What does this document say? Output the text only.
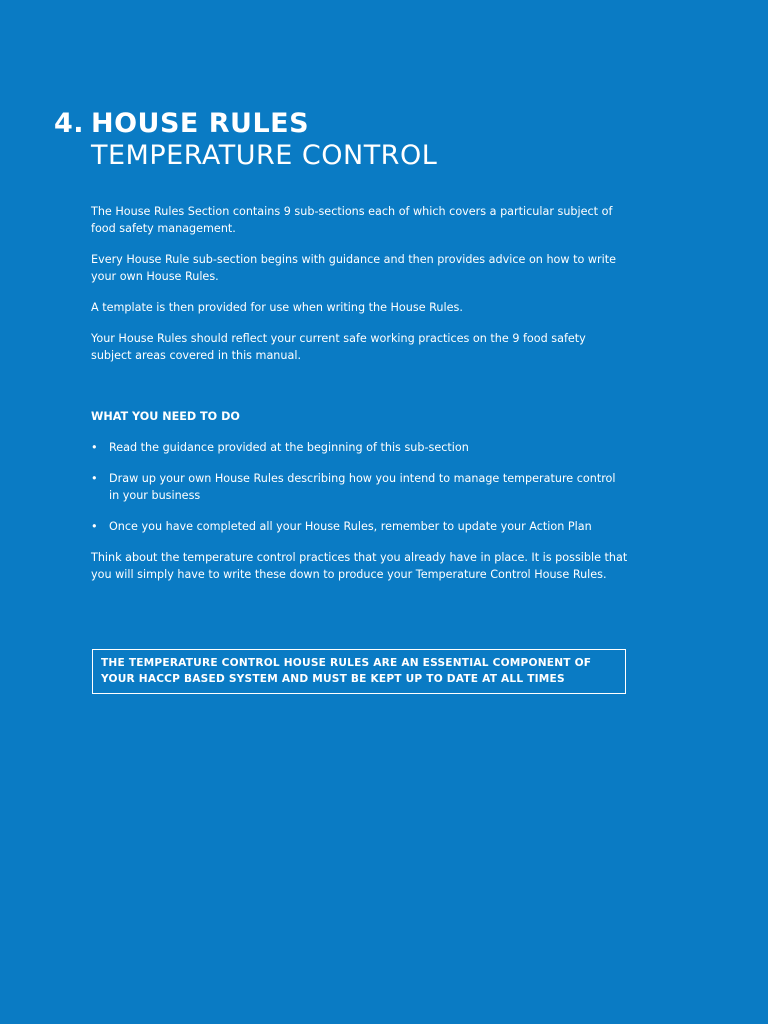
4. HOUSE RULES
TEMPERATURE CONTROL

The House Rules Section contains 9 sub-sections each of which covers a particular subject of food safety management.

Every House Rule sub-section begins with guidance and then provides advice on how to write your own House Rules.

A template is then provided for use when writing the House Rules.

Your House Rules should reflect your current safe working practices on the 9 food safety subject areas covered in this manual.

WHAT YOU NEED TO DO
• Read the guidance provided at the beginning of this sub-section
• Draw up your own House Rules describing how you intend to manage temperature control in your business
• Once you have completed all your House Rules, remember to update your Action Plan

Think about the temperature control practices that you already have in place. It is possible that you will simply have to write these down to produce your Temperature Control House Rules.

THE TEMPERATURE CONTROL HOUSE RULES ARE AN ESSENTIAL COMPONENT OF YOUR HACCP BASED SYSTEM AND MUST BE KEPT UP TO DATE AT ALL TIMES
